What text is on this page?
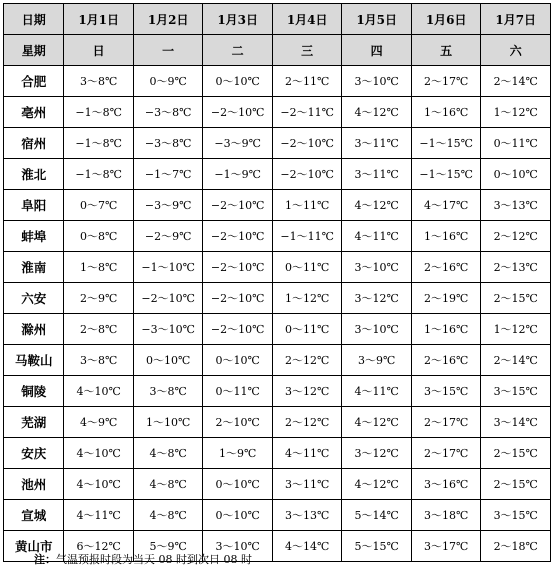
日期	1月1日	1月2日	1月3日	1月4日	1月5日	1月6日	1月7日
星期	日	一	二	三	四	五	六
合肥	3～8℃	0～9℃	0～10℃	2～11℃	3～10℃	2～17℃	2～14℃
亳州	−1～8℃	−3～8℃	−2～10℃	−2～11℃	4～12℃	1～16℃	1～12℃
宿州	−1～8℃	−3～8℃	−3～9℃	−2～10℃	3～11℃	−1～15℃	0～11℃
淮北	−1～8℃	−1～7℃	−1～9℃	−2～10℃	3～11℃	−1～15℃	0～10℃
阜阳	0～7℃	−3～9℃	−2～10℃	1～11℃	4～12℃	4～17℃	3～13℃
蚌埠	0～8℃	−2～9℃	−2～10℃	−1～11℃	4～11℃	1～16℃	2～12℃
淮南	1～8℃	−1～10℃	−2～10℃	0～11℃	3～10℃	2～16℃	2～13℃
六安	2～9℃	−2～10℃	−2～10℃	1～12℃	3～12℃	2～19℃	2～15℃
滁州	2～8℃	−3～10℃	−2～10℃	0～11℃	3～10℃	1～16℃	1～12℃
马鞍山	3～8℃	0～10℃	0～10℃	2～12℃	3～9℃	2～16℃	2～14℃
铜陵	4～10℃	3～8℃	0～11℃	3～12℃	4～11℃	3～15℃	3～15℃
芜湖	4～9℃	1～10℃	2～10℃	2～12℃	4～12℃	2～17℃	3～14℃
安庆	4～10℃	4～8℃	1～9℃	4～11℃	3～12℃	2～17℃	2～15℃
池州	4～10℃	4～8℃	0～10℃	3～11℃	4～12℃	3～16℃	2～15℃
宣城	4～11℃	4～8℃	0～10℃	3～13℃	5～14℃	3～18℃	3～15℃
黄山市	6～12℃	5～9℃	3～10℃	4～14℃	5～15℃	3～17℃	2～18℃
注：气温预报时段为当天 08 时到次日 08 时
